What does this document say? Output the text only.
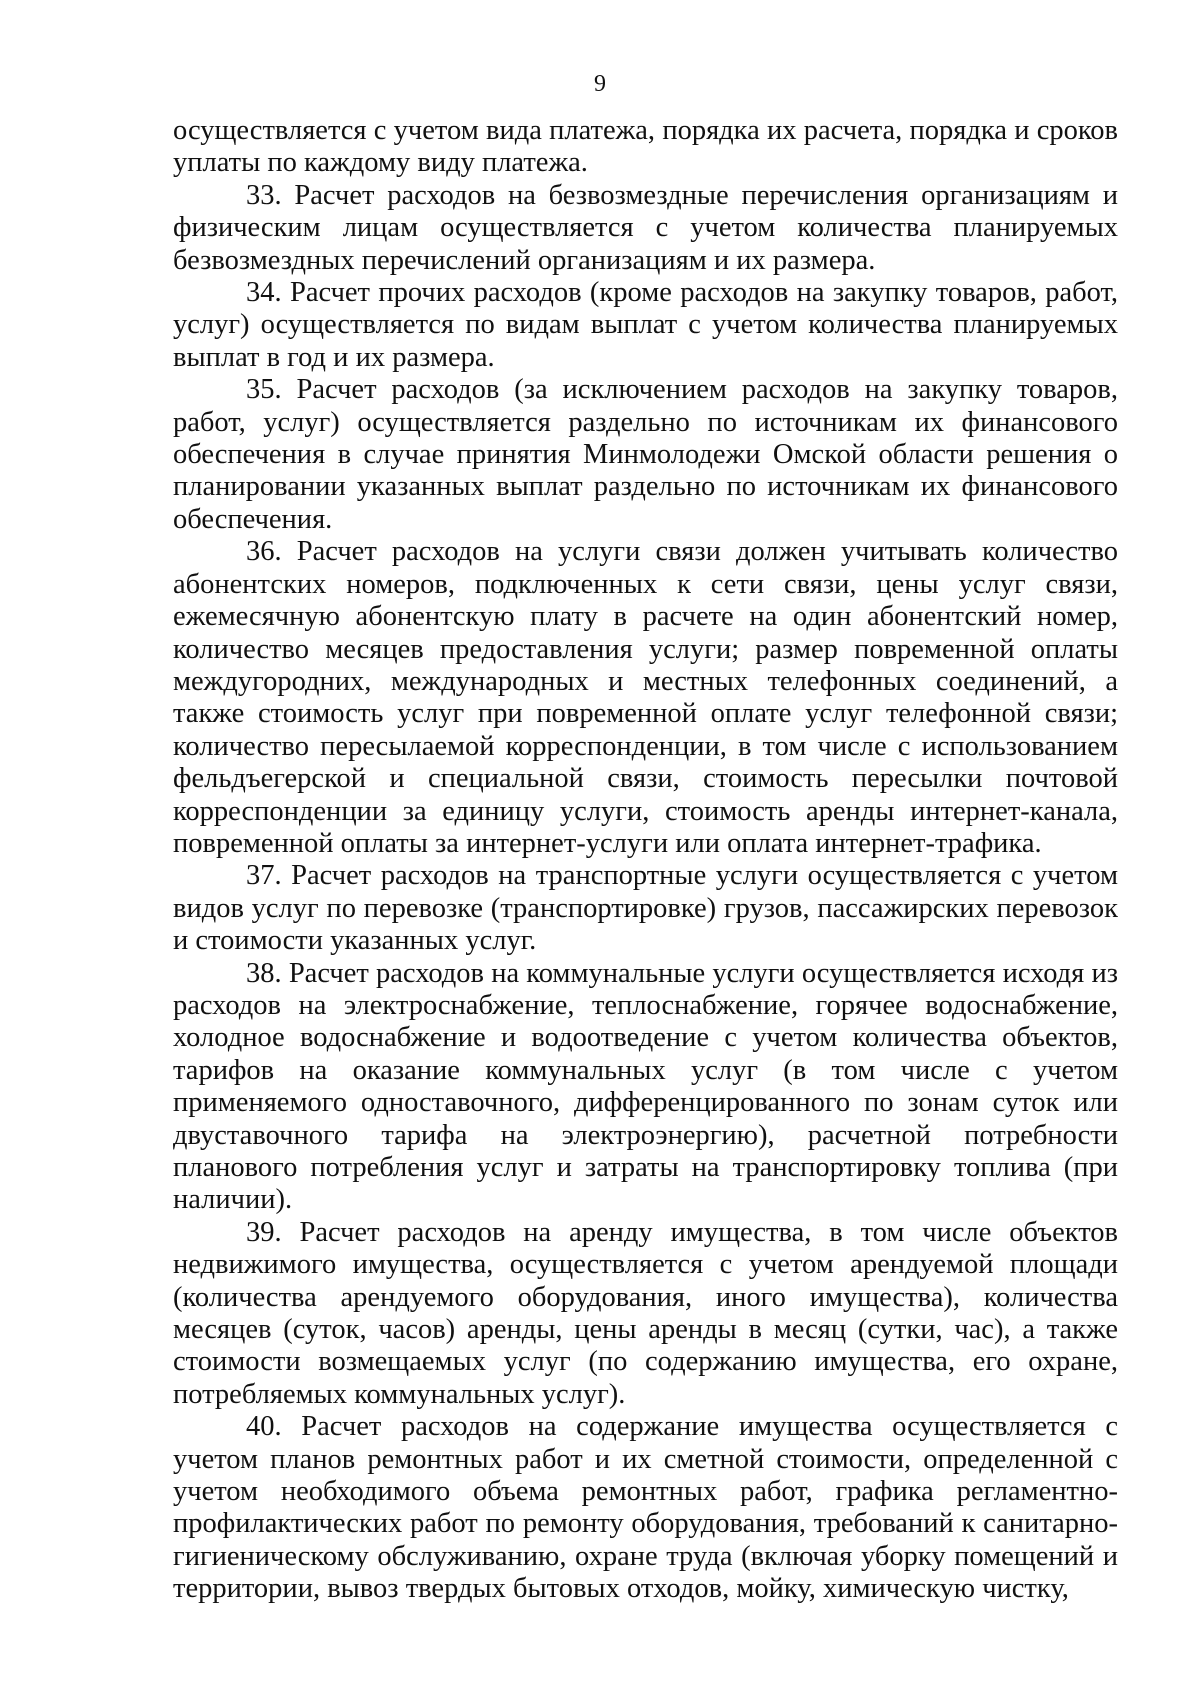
9

осуществляется с учетом вида платежа, порядка их расчета, порядка и сроков уплаты по каждому виду платежа.

33. Расчет расходов на безвозмездные перечисления организациям и физическим лицам осуществляется с учетом количества планируемых безвозмездных перечислений организациям и их размера.

34. Расчет прочих расходов (кроме расходов на закупку товаров, работ, услуг) осуществляется по видам выплат с учетом количества планируемых выплат в год и их размера.

35. Расчет расходов (за исключением расходов на закупку товаров, работ, услуг) осуществляется раздельно по источникам их финансового обеспечения в случае принятия Минмолодежи Омской области решения о планировании указанных выплат раздельно по источникам их финансового обеспечения.

36. Расчет расходов на услуги связи должен учитывать количество абонентских номеров, подключенных к сети связи, цены услуг связи, ежемесячную абонентскую плату в расчете на один абонентский номер, количество месяцев предоставления услуги; размер повременной оплаты междугородних, международных и местных телефонных соединений, а также стоимость услуг при повременной оплате услуг телефонной связи; количество пересылаемой корреспонденции, в том числе с использованием фельдъегерской и специальной связи, стоимость пересылки почтовой корреспонденции за единицу услуги, стоимость аренды интернет-канала, повременной оплаты за интернет-услуги или оплата интернет-трафика.

37. Расчет расходов на транспортные услуги осуществляется с учетом видов услуг по перевозке (транспортировке) грузов, пассажирских перевозок и стоимости указанных услуг.

38. Расчет расходов на коммунальные услуги осуществляется исходя из расходов на электроснабжение, теплоснабжение, горячее водоснабжение, холодное водоснабжение и водоотведение с учетом количества объектов, тарифов на оказание коммунальных услуг (в том числе с учетом применяемого одноставочного, дифференцированного по зонам суток или двуставочного тарифа на электроэнергию), расчетной потребности планового потребления услуг и затраты на транспортировку топлива (при наличии).

39. Расчет расходов на аренду имущества, в том числе объектов недвижимого имущества, осуществляется с учетом арендуемой площади (количества арендуемого оборудования, иного имущества), количества месяцев (суток, часов) аренды, цены аренды в месяц (сутки, час), а также стоимости возмещаемых услуг (по содержанию имущества, его охране, потребляемых коммунальных услуг).

40. Расчет расходов на содержание имущества осуществляется с учетом планов ремонтных работ и их сметной стоимости, определенной с учетом необходимого объема ремонтных работ, графика регламентно-профилактических работ по ремонту оборудования, требований к санитарно-гигиеническому обслуживанию, охране труда (включая уборку помещений и территории, вывоз твердых бытовых отходов, мойку, химическую чистку,
